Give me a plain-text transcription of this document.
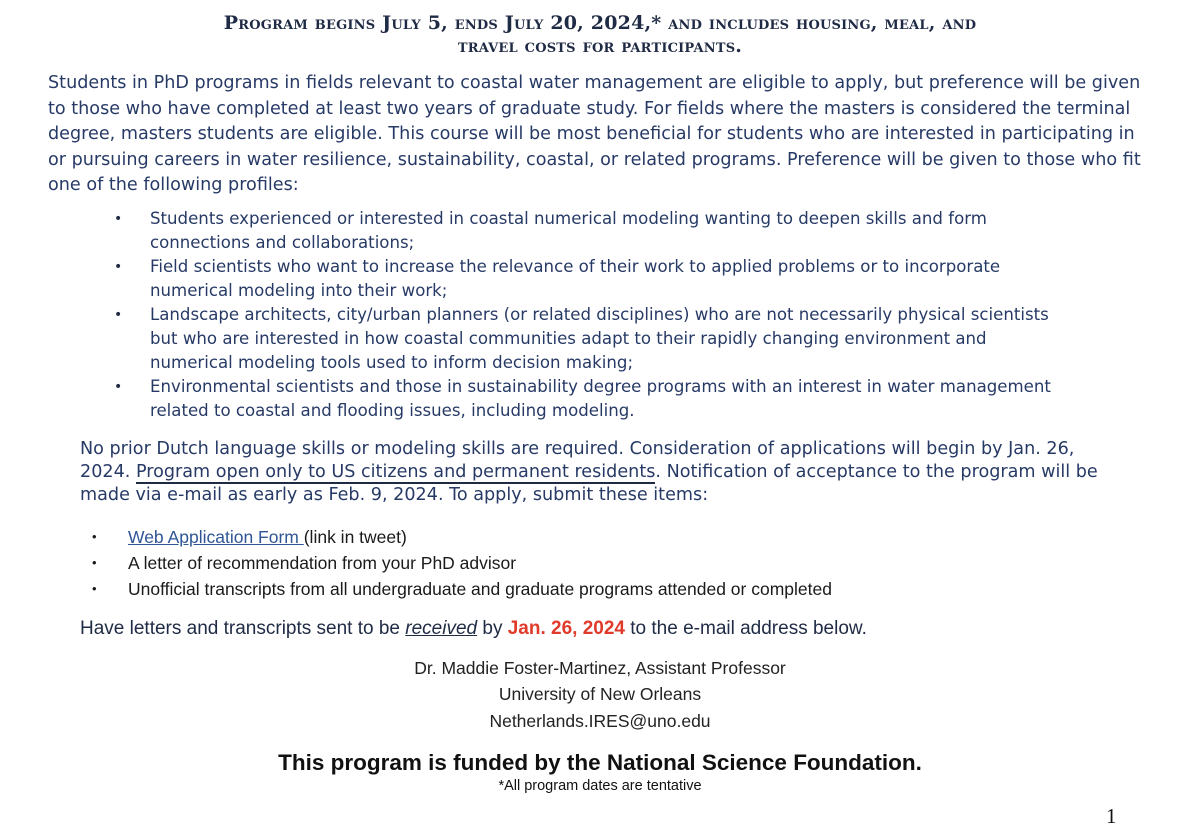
Program begins July 5, ends July 20, 2024,* and includes housing, meal, and
travel costs for participants.

Students in PhD programs in fields relevant to coastal water management are eligible to apply, but preference will be given to those who have completed at least two years of graduate study. For fields where the masters is considered the terminal degree, masters students are eligible. This course will be most beneficial for students who are interested in participating in or pursuing careers in water resilience, sustainability, coastal, or related programs. Preference will be given to those who fit one of the following profiles:

• Students experienced or interested in coastal numerical modeling wanting to deepen skills and form connections and collaborations;
• Field scientists who want to increase the relevance of their work to applied problems or to incorporate numerical modeling into their work;
• Landscape architects, city/urban planners (or related disciplines) who are not necessarily physical scientists but who are interested in how coastal communities adapt to their rapidly changing environment and numerical modeling tools used to inform decision making;
• Environmental scientists and those in sustainability degree programs with an interest in water management related to coastal and flooding issues, including modeling.

No prior Dutch language skills or modeling skills are required. Consideration of applications will begin by Jan. 26, 2024. Program open only to US citizens and permanent residents. Notification of acceptance to the program will be made via e-mail as early as Feb. 9, 2024. To apply, submit these items:

• Web Application Form (link in tweet)
• A letter of recommendation from your PhD advisor
• Unofficial transcripts from all undergraduate and graduate programs attended or completed

Have letters and transcripts sent to be received by Jan. 26, 2024 to the e-mail address below.

Dr. Maddie Foster-Martinez, Assistant Professor
University of New Orleans
Netherlands.IRES@uno.edu
This program is funded by the National Science Foundation.
*All program dates are tentative
1
